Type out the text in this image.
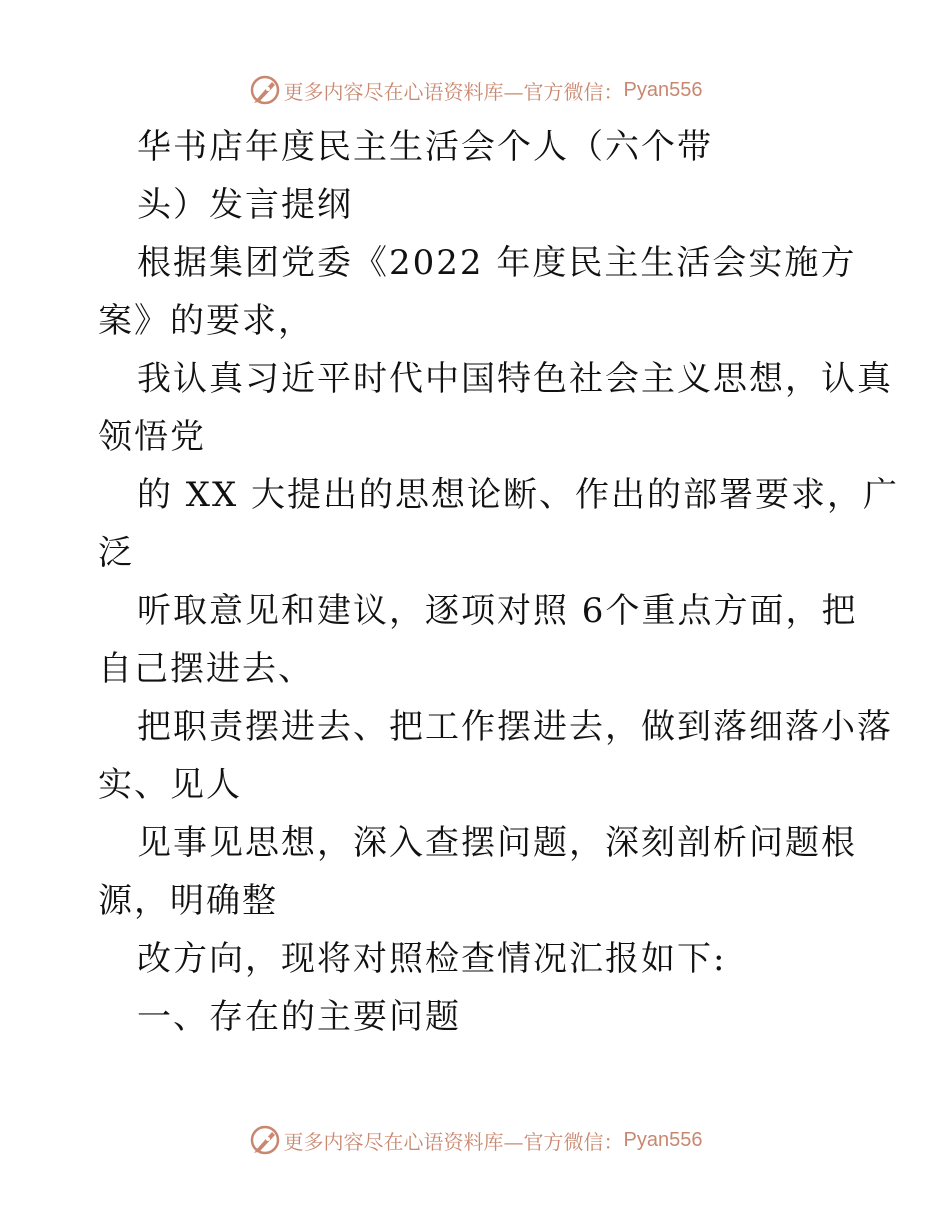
更多内容尽在心语资料库—官方微信： Pyan556
华书店年度民主生活会个人（六个带
头）发言提纲
根据集团党委《2022 年度民主生活会实施方
案》的要求，
我认真习近平时代中国特色社会主义思想，认真
领悟党
的 XX 大提出的思想论断、作出的部署要求，广
泛
听取意见和建议，逐项对照 6个重点方面，把
自己摆进去、
把职责摆进去、把工作摆进去，做到落细落小落
实、见人
见事见思想，深入查摆问题，深刻剖析问题根
源，明确整
改方向，现将对照检查情况汇报如下:
一、存在的主要问题
更多内容尽在心语资料库—官方微信： Pyan556
